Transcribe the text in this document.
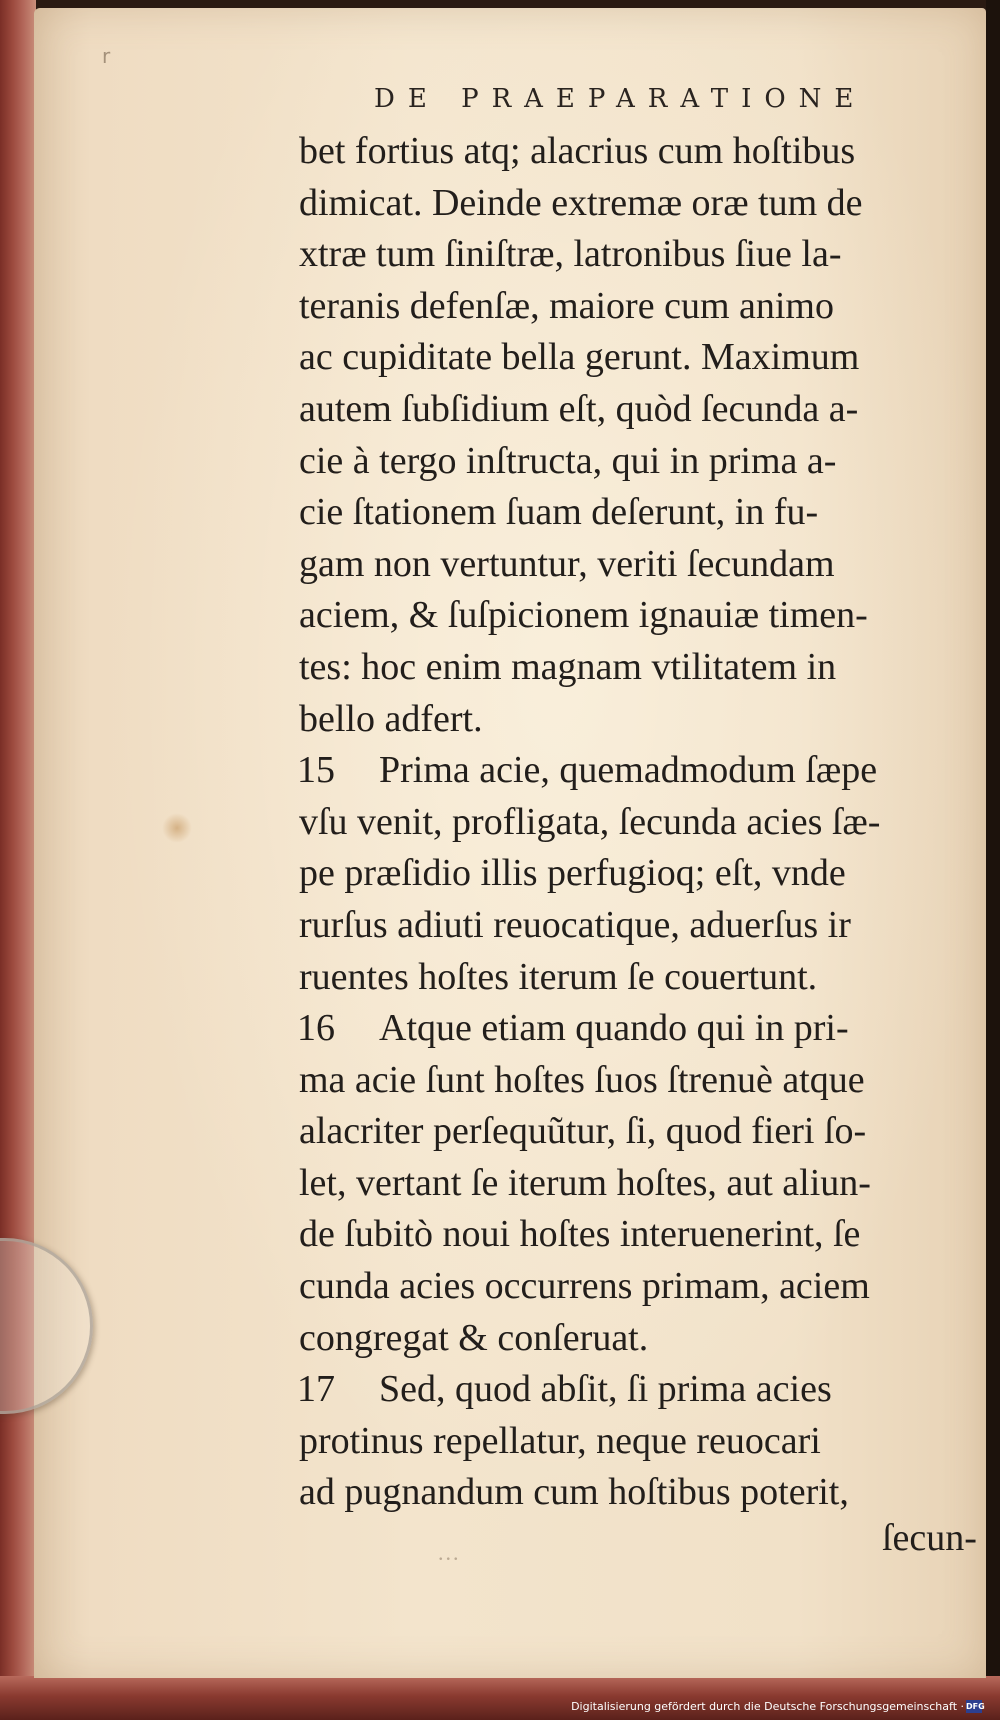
r
DE PRAEPARATIONE
bet fortius atq; alacrius cum hoſtibus
dimicat. Deinde extremæ oræ tum de
xtræ tum ſiniſtræ, latronibus ſiue la-
teranis defenſæ, maiore cum animo
ac cupiditate bella gerunt. Maximum
autem ſubſidium eſt, quòd ſecunda a-
cie à tergo inſtructa, qui in prima a-
cie ſtationem ſuam deſerunt, in fu-
gam non vertuntur, veriti ſecundam
aciem, & ſuſpicionem ignauiæ timen-
tes: hoc enim magnam vtilitatem in
bello adfert.
15 Prima acie, quemadmodum ſæpe
vſu venit, profligata, ſecunda acies ſæ-
pe præſidio illis perfugioq; eſt, vnde
rurſus adiuti reuocatique, aduerſus ir
ruentes hoſtes iterum ſe couertunt.
16 Atque etiam quando qui in pri-
ma acie ſunt hoſtes ſuos ſtrenuè atque
alacriter perſequũtur, ſi, quod fieri ſo-
let, vertant ſe iterum hoſtes, aut aliun-
de ſubitò noui hoſtes interuenerint, ſe
cunda acies occurrens primam, aciem
congregat & conſeruat.
17 Sed, quod abſit, ſi prima acies
protinus repellatur, neque reuocari
ad pugnandum cum hoſtibus poterit,
...	ſecun-
Digitalisierung gefördert durch die Deutsche Forschungsgemeinschaft · DFG
